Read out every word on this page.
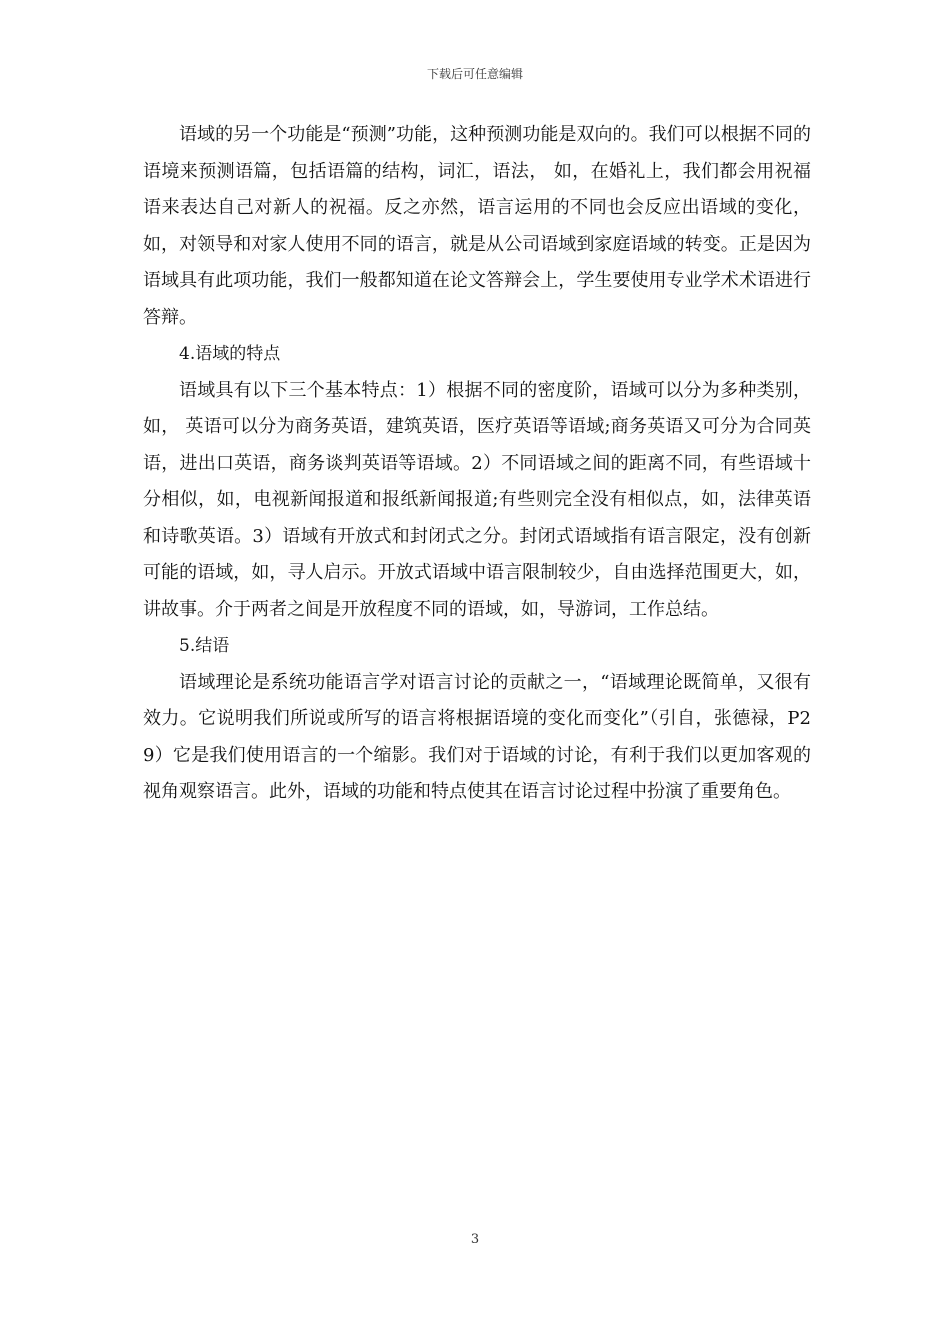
下载后可任意编辑

语域的另一个功能是“预测”功能，这种预测功能是双向的。我们可以根据不同的语境来预测语篇，包括语篇的结构，词汇，语法， 如，在婚礼上，我们都会用祝福语来表达自己对新人的祝福。反之亦然，语言运用的不同也会反应出语域的变化，如，对领导和对家人使用不同的语言，就是从公司语域到家庭语域的转变。正是因为语域具有此项功能，我们一般都知道在论文答辩会上，学生要使用专业学术术语进行答辩。

4.语域的特点

语域具有以下三个基本特点：1）根据不同的密度阶，语域可以分为多种类别，如， 英语可以分为商务英语，建筑英语，医疗英语等语域;商务英语又可分为合同英语，进出口英语，商务谈判英语等语域。2）不同语域之间的距离不同，有些语域十分相似，如，电视新闻报道和报纸新闻报道;有些则完全没有相似点，如，法律英语和诗歌英语。3）语域有开放式和封闭式之分。封闭式语域指有语言限定，没有创新可能的语域，如，寻人启示。开放式语域中语言限制较少，自由选择范围更大，如，讲故事。介于两者之间是开放程度不同的语域，如，导游词，工作总结。

5.结语

语域理论是系统功能语言学对语言讨论的贡献之一，“语域理论既简单，又很有效力。它说明我们所说或所写的语言将根据语境的变化而变化”（引自，张德禄，P29）它是我们使用语言的一个缩影。我们对于语域的讨论，有利于我们以更加客观的视角观察语言。此外，语域的功能和特点使其在语言讨论过程中扮演了重要角色。

3
